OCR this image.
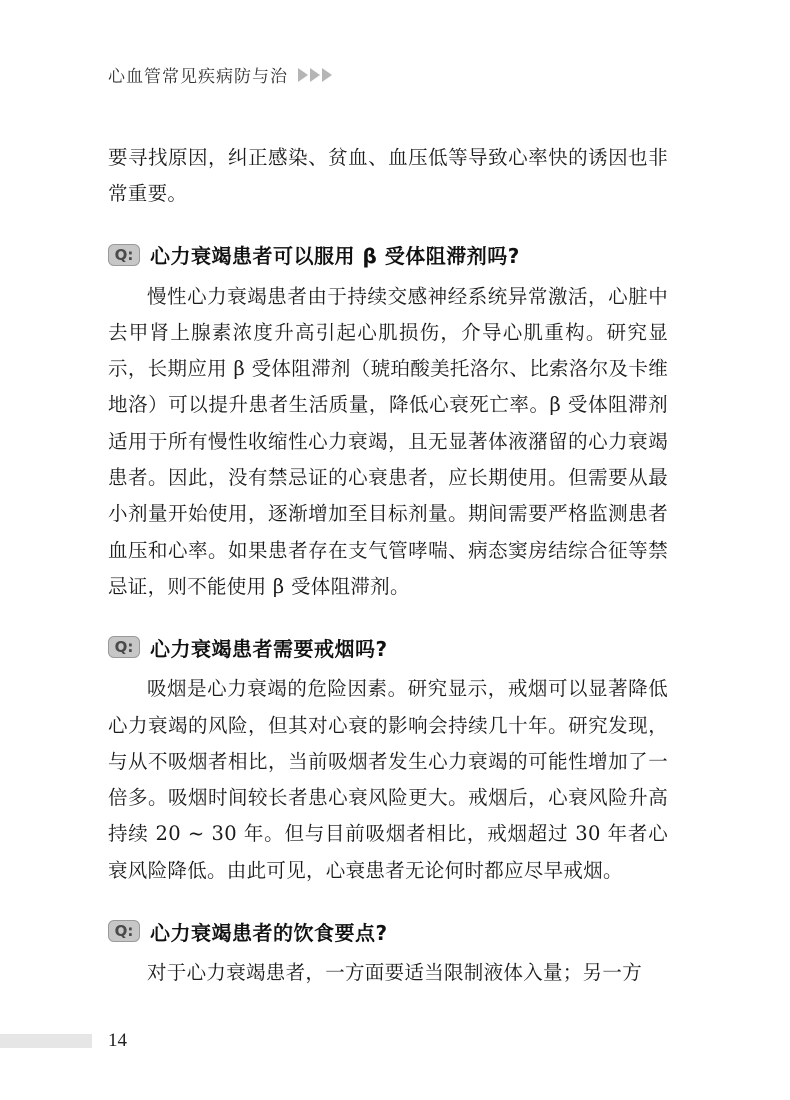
心血管常见疾病防与治

要寻找原因，纠正感染、贫血、血压低等导致心率快的诱因也非常重要。

Q: 心力衰竭患者可以服用 β 受体阻滞剂吗?

慢性心力衰竭患者由于持续交感神经系统异常激活，心脏中去甲肾上腺素浓度升高引起心肌损伤，介导心肌重构。研究显示，长期应用 β 受体阻滞剂（琥珀酸美托洛尔、比索洛尔及卡维地洛）可以提升患者生活质量，降低心衰死亡率。β 受体阻滞剂适用于所有慢性收缩性心力衰竭，且无显著体液潴留的心力衰竭患者。因此，没有禁忌证的心衰患者，应长期使用。但需要从最小剂量开始使用，逐渐增加至目标剂量。期间需要严格监测患者血压和心率。如果患者存在支气管哮喘、病态窦房结综合征等禁忌证，则不能使用 β 受体阻滞剂。

Q: 心力衰竭患者需要戒烟吗?

吸烟是心力衰竭的危险因素。研究显示，戒烟可以显著降低心力衰竭的风险，但其对心衰的影响会持续几十年。研究发现，与从不吸烟者相比，当前吸烟者发生心力衰竭的可能性增加了一倍多。吸烟时间较长者患心衰风险更大。戒烟后，心衰风险升高持续 20 ~ 30 年。但与目前吸烟者相比，戒烟超过 30 年者心衰风险降低。由此可见，心衰患者无论何时都应尽早戒烟。

Q: 心力衰竭患者的饮食要点?

对于心力衰竭患者，一方面要适当限制液体入量；另一方

14
